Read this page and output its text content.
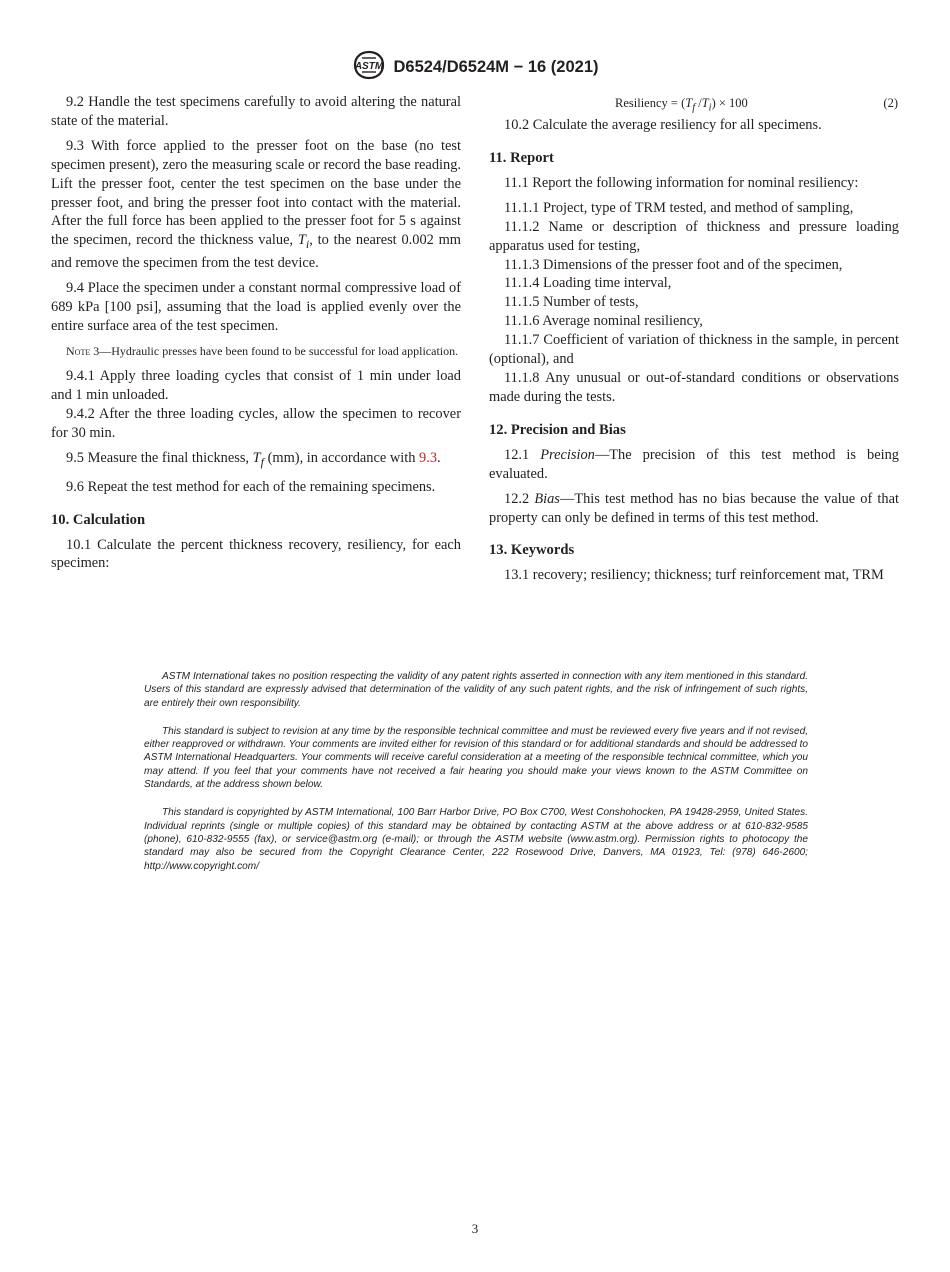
ASTM D6524/D6524M − 16 (2021)

9.2 Handle the test specimens carefully to avoid altering the natural state of the material.

9.3 With force applied to the presser foot on the base (no test specimen present), zero the measuring scale or record the base reading. Lift the presser foot, center the test specimen on the base under the presser foot, and bring the presser foot into contact with the material. After the full force has been applied to the presser foot for 5 s against the specimen, record the thickness value, $T_i$, to the nearest 0.002 mm and remove the specimen from the test device.

9.4 Place the specimen under a constant normal compressive load of 689 kPa [100 psi], assuming that the load is applied evenly over the entire surface area of the test specimen.

Note 3—Hydraulic presses have been found to be successful for load application.

9.4.1 Apply three loading cycles that consist of 1 min under load and 1 min unloaded.

9.4.2 After the three loading cycles, allow the specimen to recover for 30 min.

9.5 Measure the final thickness, $T_f$ (mm), in accordance with 9.3.

9.6 Repeat the test method for each of the remaining specimens.

10. Calculation

10.1 Calculate the percent thickness recovery, resiliency, for each specimen:

Resiliency = ($T_f$ $/T_i) \times 100$	(2)

10.2 Calculate the average resiliency for all specimens.

11. Report

11.1 Report the following information for nominal resiliency:

11.1.1 Project, type of TRM tested, and method of sampling,

11.1.2 Name or description of thickness and pressure loading apparatus used for testing,

11.1.3 Dimensions of the presser foot and of the specimen,

11.1.4 Loading time interval,

11.1.5 Number of tests,

11.1.6 Average nominal resiliency,

11.1.7 Coefficient of variation of thickness in the sample, in percent (optional), and

11.1.8 Any unusual or out-of-standard conditions or observations made during the tests.

12. Precision and Bias

12.1 Precision—The precision of this test method is being evaluated.

12.2 Bias—This test method has no bias because the value of that property can only be defined in terms of this test method.

13. Keywords

13.1 recovery; resiliency; thickness; turf reinforcement mat, TRM

ASTM International takes no position respecting the validity of any patent rights asserted in connection with any item mentioned in this standard. Users of this standard are expressly advised that determination of the validity of any such patent rights, and the risk of infringement of such rights, are entirely their own responsibility.

This standard is subject to revision at any time by the responsible technical committee and must be reviewed every five years and if not revised, either reapproved or withdrawn. Your comments are invited either for revision of this standard or for additional standards and should be addressed to ASTM International Headquarters. Your comments will receive careful consideration at a meeting of the responsible technical committee, which you may attend. If you feel that your comments have not received a fair hearing you should make your views known to the ASTM Committee on Standards, at the address shown below.

This standard is copyrighted by ASTM International, 100 Barr Harbor Drive, PO Box C700, West Conshohocken, PA 19428-2959, United States. Individual reprints (single or multiple copies) of this standard may be obtained by contacting ASTM at the above address or at 610-832-9585 (phone), 610-832-9555 (fax), or service@astm.org (e-mail); or through the ASTM website (www.astm.org). Permission rights to photocopy the standard may also be secured from the Copyright Clearance Center, 222 Rosewood Drive, Danvers, MA 01923, Tel: (978) 646-2600; http://www.copyright.com/

3
